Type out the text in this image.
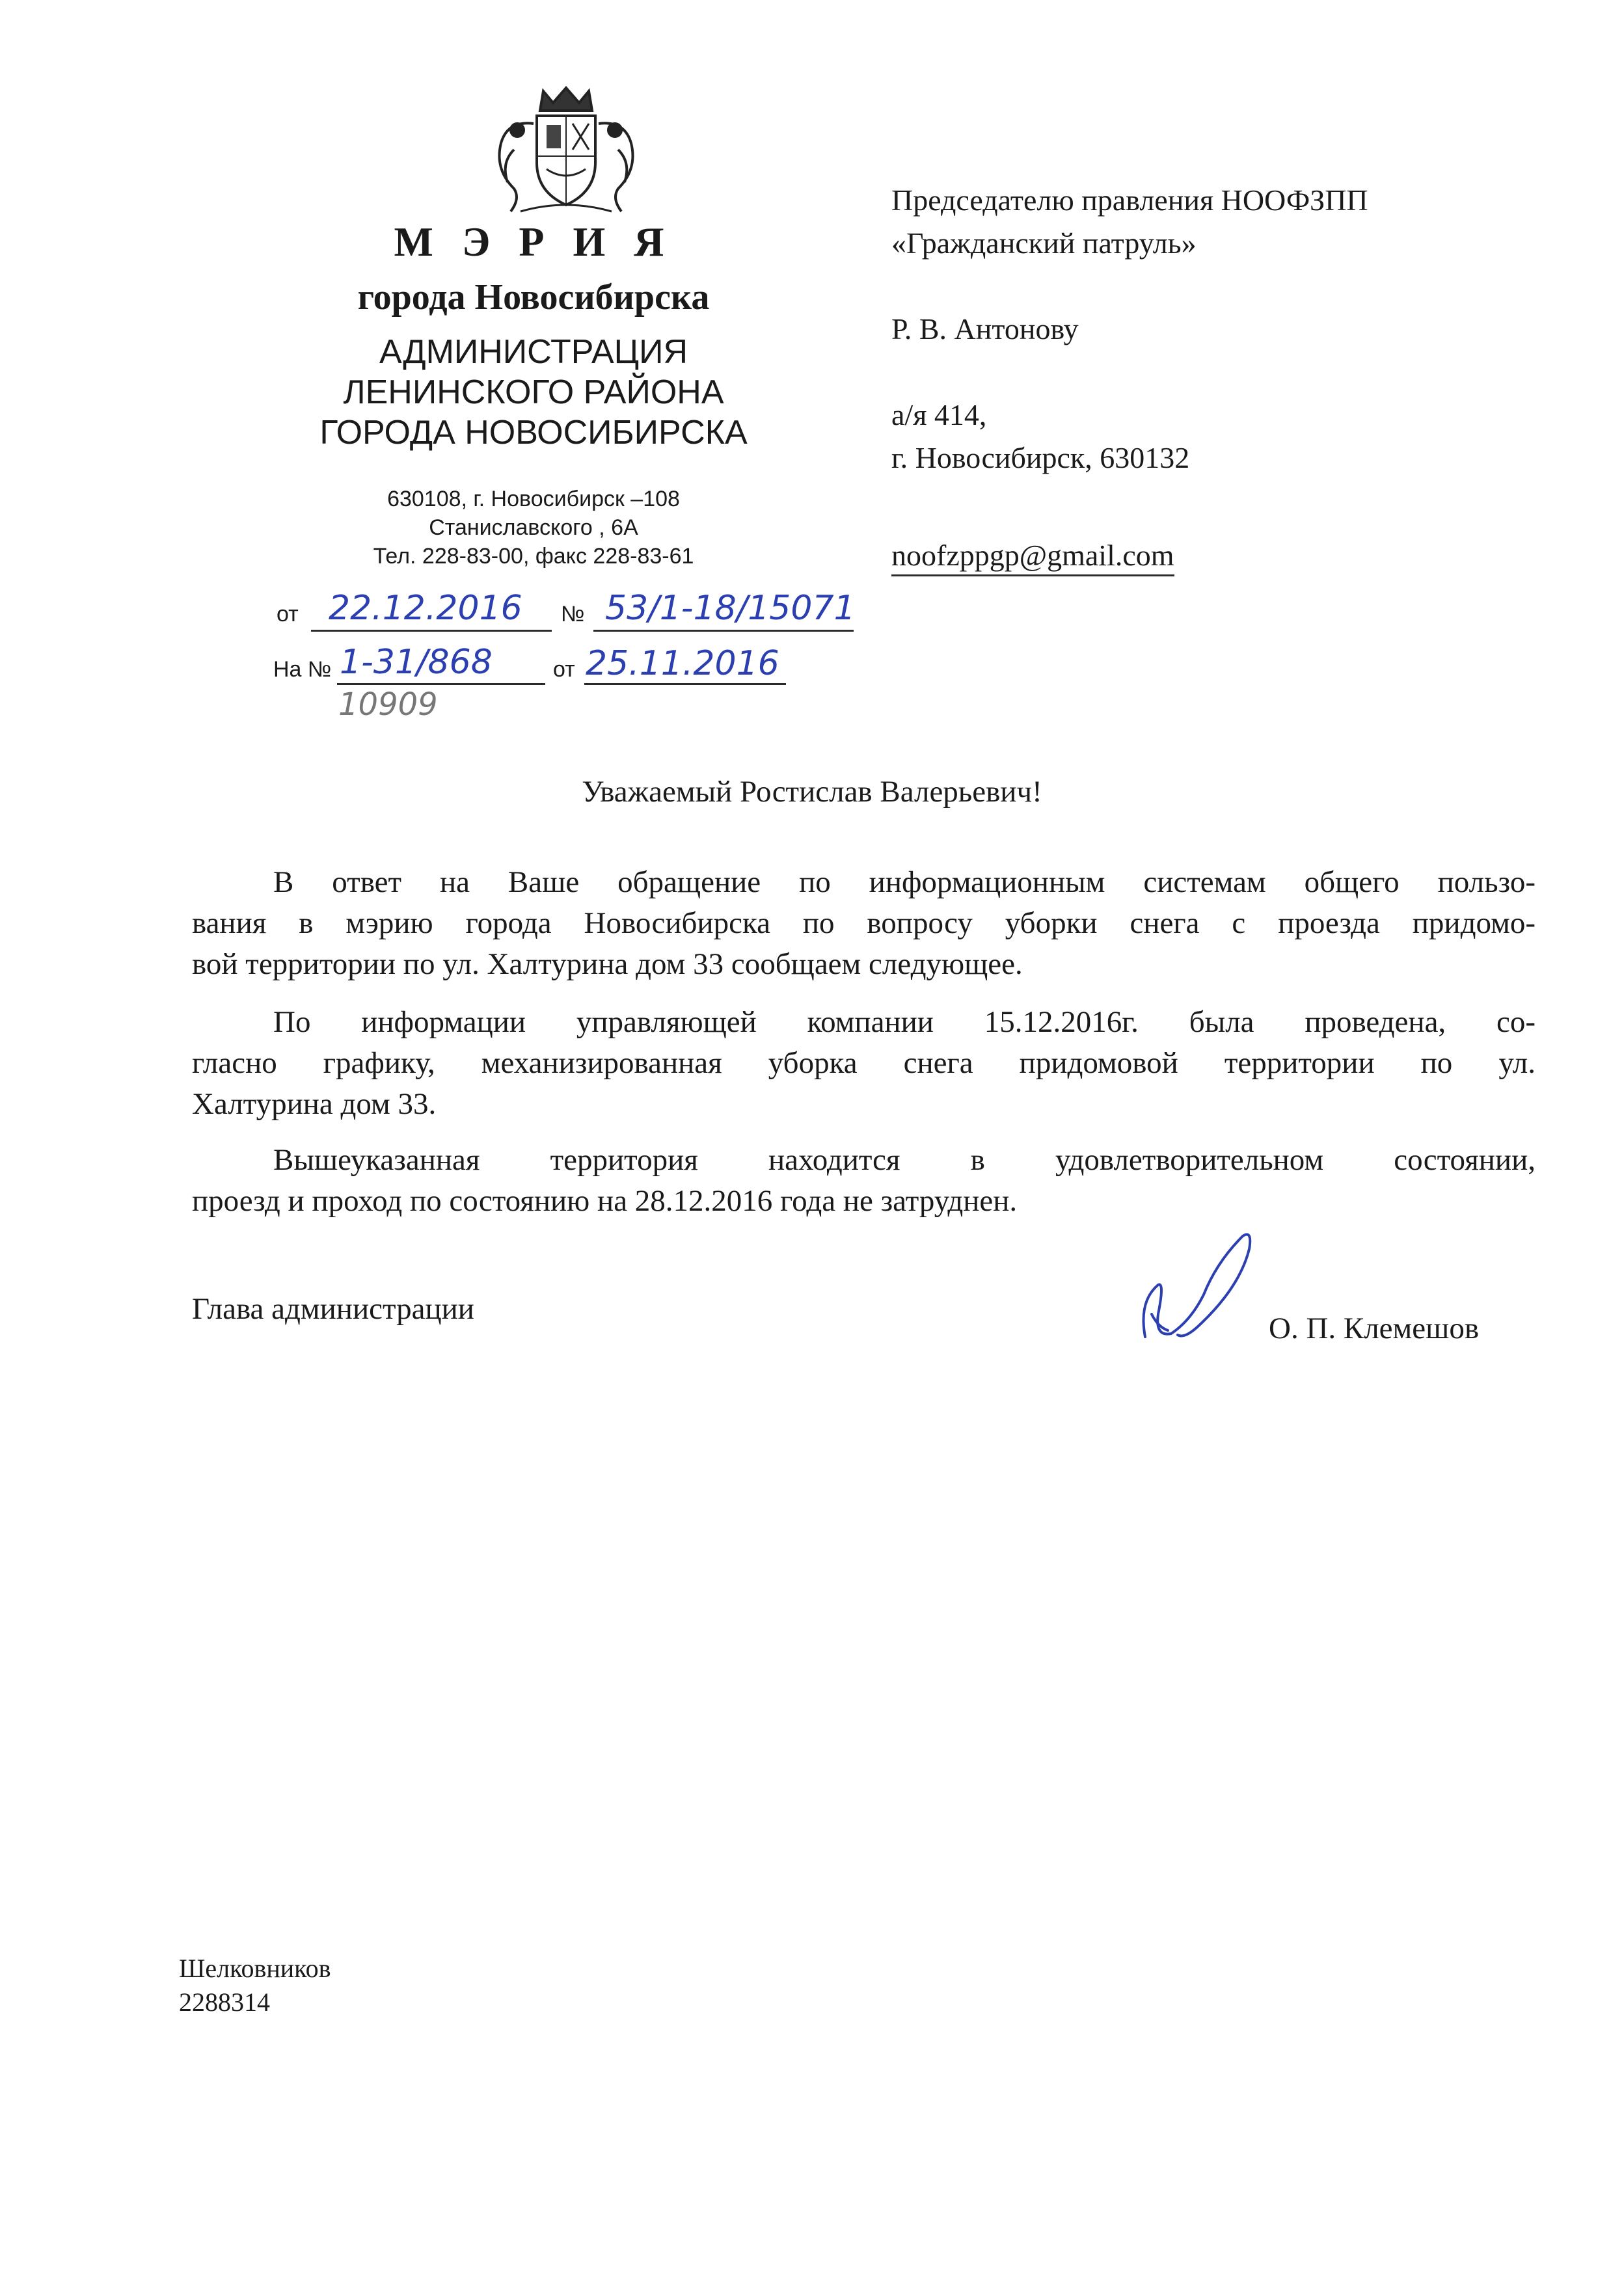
М Э Р И Я
города Новосибирска
АДМИНИСТРАЦИЯ
ЛЕНИНСКОГО РАЙОНА
ГОРОДА НОВОСИБИРСКА
630108, г. Новосибирск –108
Станиславского , 6А
Тел. 228-83-00, факс 228-83-61
от 22.12.2016 № 53/1-18/15071
На № 1-31/868	от 25.11.2016
10909
Председателю правления НООФЗПП
«Гражданский патруль»

Р. В. Антонову

а/я 414,
г. Новосибирск, 630132
noofzppgp@gmail.com
Уважаемый Ростислав Валерьевич!
В ответ на Ваше обращение по информационным системам общего пользо-
вания в мэрию города Новосибирска по вопросу уборки снега с проезда придомо-
вой территории по ул. Халтурина дом 33 сообщаем следующее.
По информации управляющей компании 15.12.2016г. была проведена, со-
гласно графику, механизированная уборка снега придомовой территории по ул.
Халтурина дом 33.
Вышеуказанная территория находится в удовлетворительном состоянии,
проезд и проход по состоянию на 28.12.2016 года не затруднен.
Глава администрации
О. П. Клемешов
Шелковников
2288314
